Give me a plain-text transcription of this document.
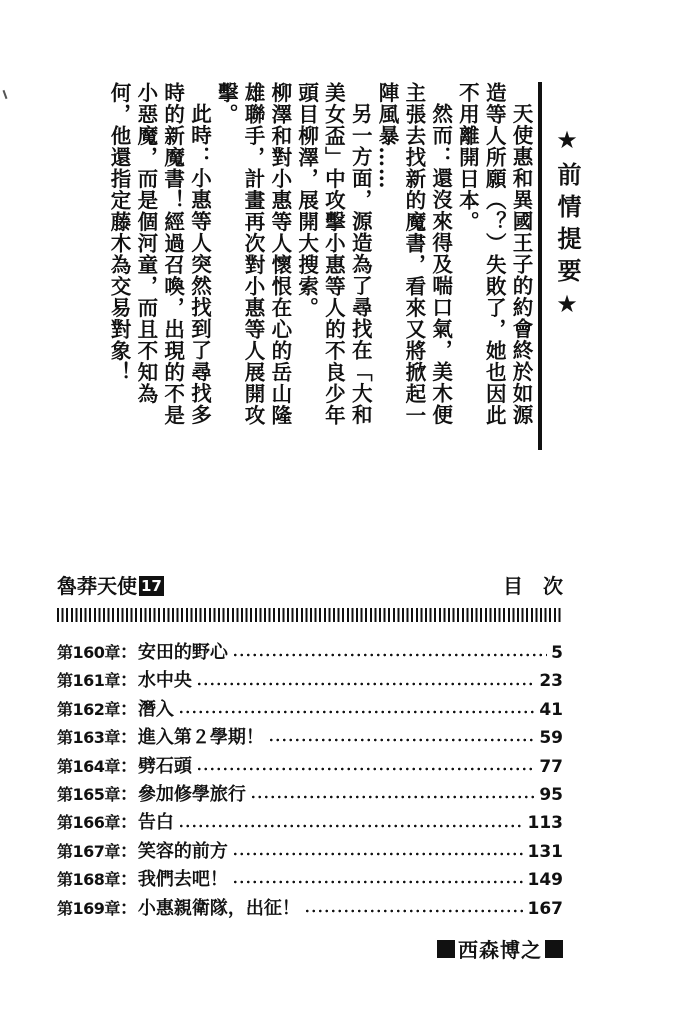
天使惠和異國王子的約會終於如源造等人所願（？）失敗了，她也因此不用離開日本。

然而：還沒來得及喘口氣，美木便主張去找新的魔書，看來又將掀起一陣風暴……

另一方面，源造為了尋找在「大和美女盃」中攻擊小惠等人的不良少年頭目柳澤，展開大搜索。

柳澤和對小惠等人懷恨在心的岳山隆雄聯手，計畫再次對小惠等人展開攻擊。

此時：小惠等人突然找到了尋找多時的新魔書！經過召喚，出現的不是小惡魔，而是個河童，而且不知為何，他還指定藤木為交易對象！	★前情提要★
魯莽天使 17	目次
第160章 ：安田的野心	5
第161章 ：水中央	23
第162章 ：潛入	41
第163章 ：進入第２學期！	59
第164章 ：劈石頭	77
第165章 ：參加修學旅行	95
第166章 ：告白	113
第167章 ：笑容的前方	131
第168章 ：我們去吧！	149
第169章 ：小惠親衛隊，出征！	167
西森博之
